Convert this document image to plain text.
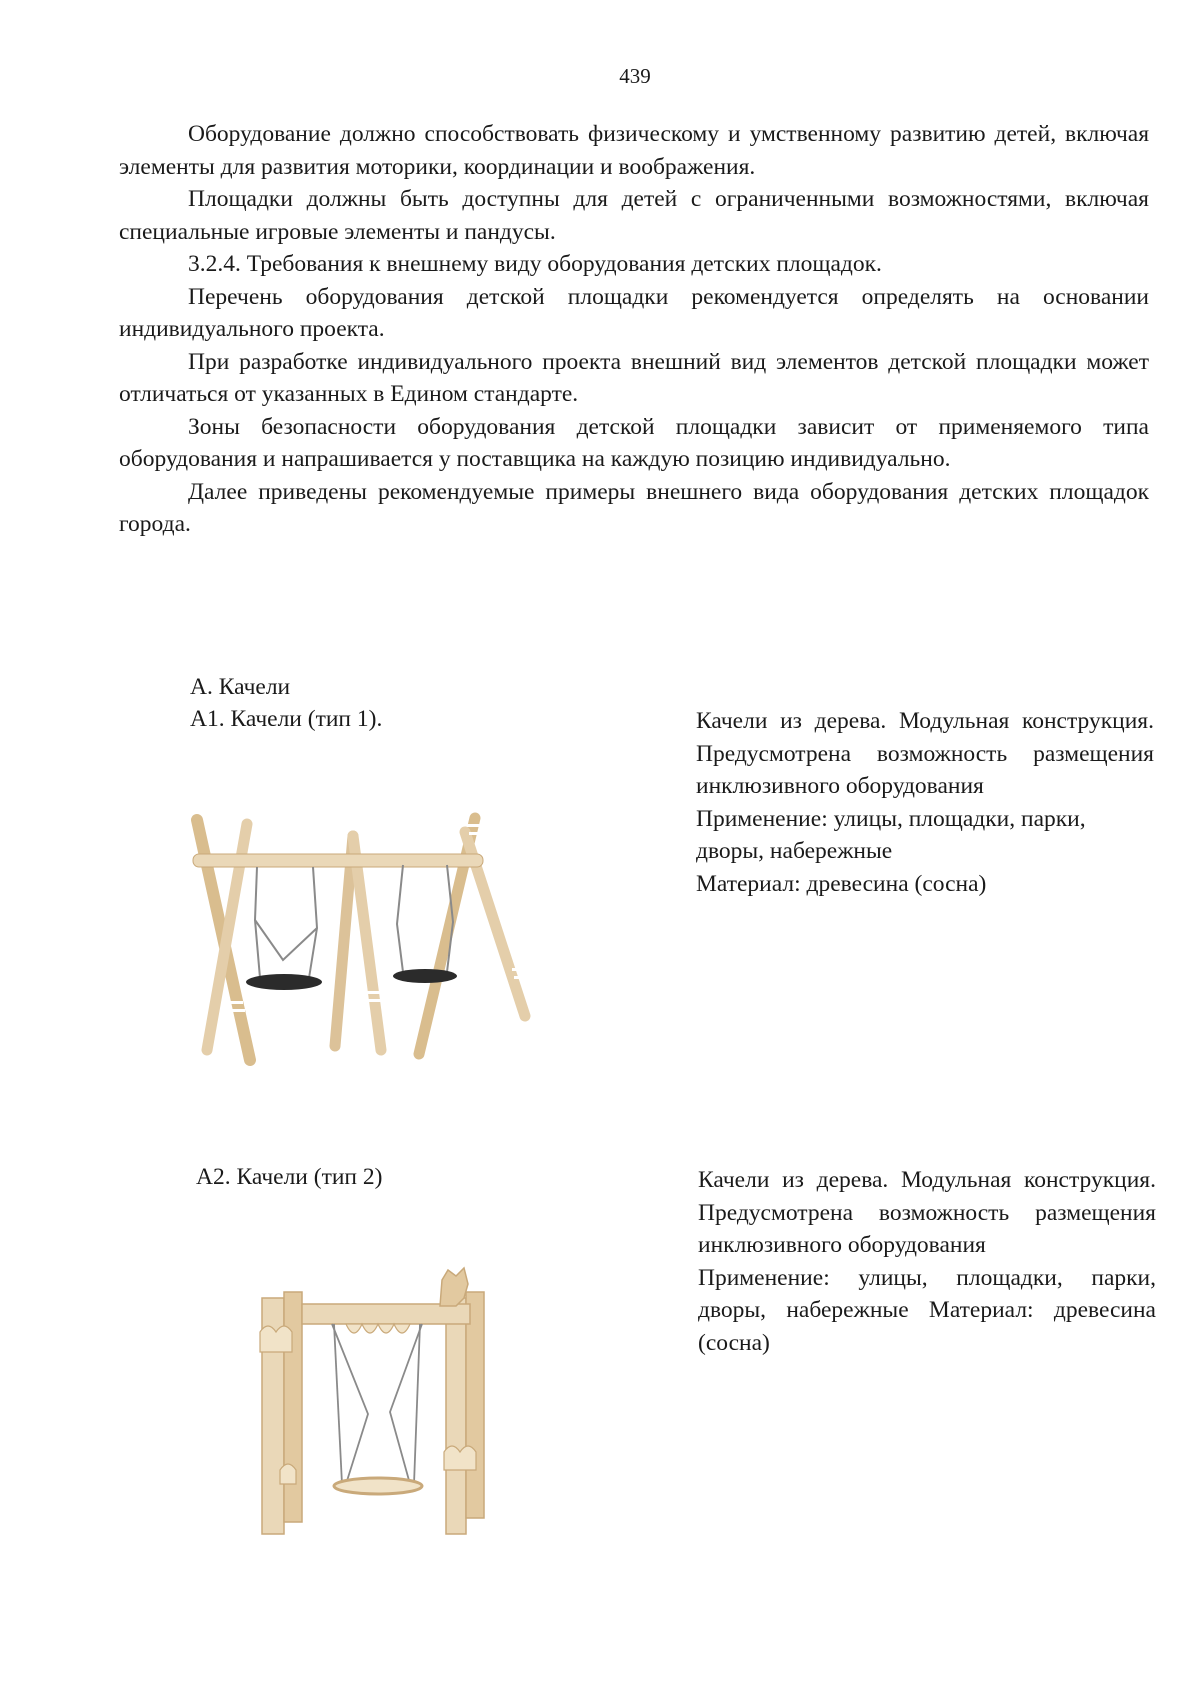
439

Оборудование должно способствовать физическому и умственному развитию детей, включая элементы для развития моторики, координации и воображения.

Площадки должны быть доступны для детей с ограниченными возможностями, включая специальные игровые элементы и пандусы.

3.2.4. Требования к внешнему виду оборудования детских площадок.

Перечень оборудования детской площадки рекомендуется определять на основании индивидуального проекта.

При разработке индивидуального проекта внешний вид элементов детской площадки может отличаться от указанных в Едином стандарте.

Зоны безопасности оборудования детской площадки зависит от применяемого типа оборудования и напрашивается у поставщика на каждую позицию индивидуально.

Далее приведены рекомендуемые примеры внешнего вида оборудования детских площадок города.

А. Качели
А1. Качели (тип 1).	Качели из дерева. Модульная конструкция. Предусмотрена возможность размещения инклюзивного оборудования

Применение: улицы, площадки, парки, дворы, набережные

Материал: древесина (сосна)

А2. Качели (тип 2)	Качели из дерева. Модульная конструкция. Предусмотрена возможность размещения инклюзивного оборудования

Применение: улицы, площадки, парки, дворы, набережные Материал: древесина (сосна)
